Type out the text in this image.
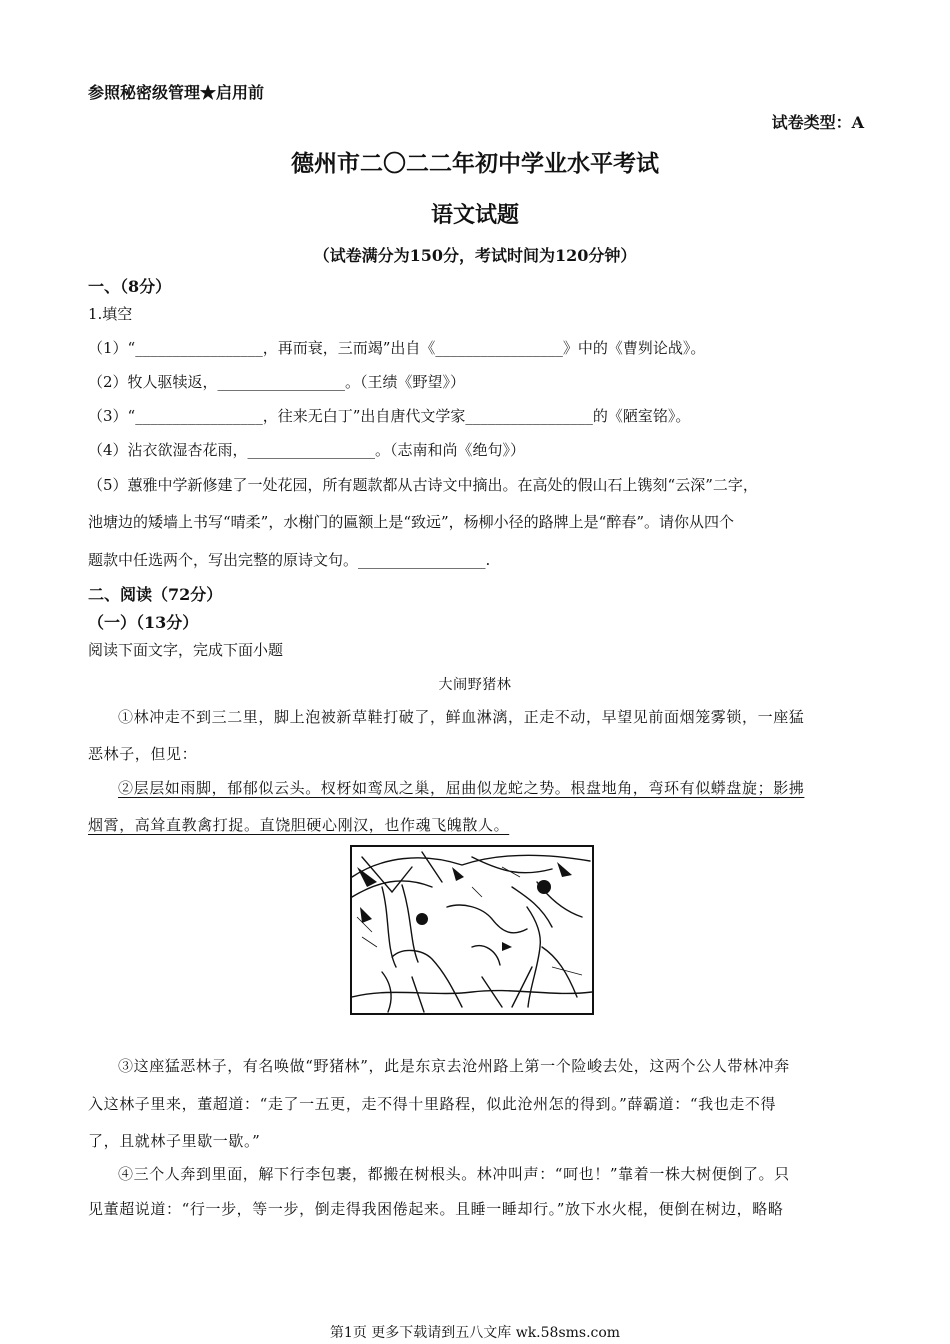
参照秘密级管理★启用前
试卷类型：A
德州市二〇二二年初中学业水平考试
语文试题
（试卷满分为150分，考试时间为120分钟）
一、（8分）
1.填空
（1）“_________________，再而衰，三而竭”出自《_________________》中的《曹刿论战》。
（2）牧人驱犊返，_________________。（王绩《野望》）
（3）“_________________，往来无白丁”出自唐代文学家_________________的《陋室铭》。
（4）沾衣欲湿杏花雨，_________________。（志南和尚《绝句》）
（5）蕙雅中学新修建了一处花园，所有题款都从古诗文中摘出。在高处的假山石上镌刻“云深”二字，
池塘边的矮墙上书写“晴柔”，水榭门的匾额上是“致远”，杨柳小径的路牌上是“醉春”。请你从四个
题款中任选两个，写出完整的原诗文句。_________________.
二、阅读（72分）
（一）（13分）
阅读下面文字，完成下面小题
大闹野猪林
①林冲走不到三二里，脚上泡被新草鞋打破了，鲜血淋漓，正走不动，早望见前面烟笼雾锁，一座猛
恶林子，但见：
②层层如雨脚，郁郁似云头。杈枒如鸾凤之巢，屈曲似龙蛇之势。根盘地角，弯环有似蟒盘旋；影拂
烟霄，高耸直教禽打捉。直饶胆硬心刚汉，也作魂飞魄散人。
③这座猛恶林子，有名唤做“野猪林”，此是东京去沧州路上第一个险峻去处，这两个公人带林冲奔
入这林子里来，董超道：“走了一五更，走不得十里路程，似此沧州怎的得到。”薛霸道：“我也走不得
了，且就林子里歇一歇。”
④三个人奔到里面，解下行李包裹，都搬在树根头。林冲叫声：“呵也！”靠着一株大树便倒了。只
见董超说道：“行一步，等一步，倒走得我困倦起来。且睡一睡却行。”放下水火棍，便倒在树边，略略
第1页 更多下载请到五八文库 wk.58sms.com
